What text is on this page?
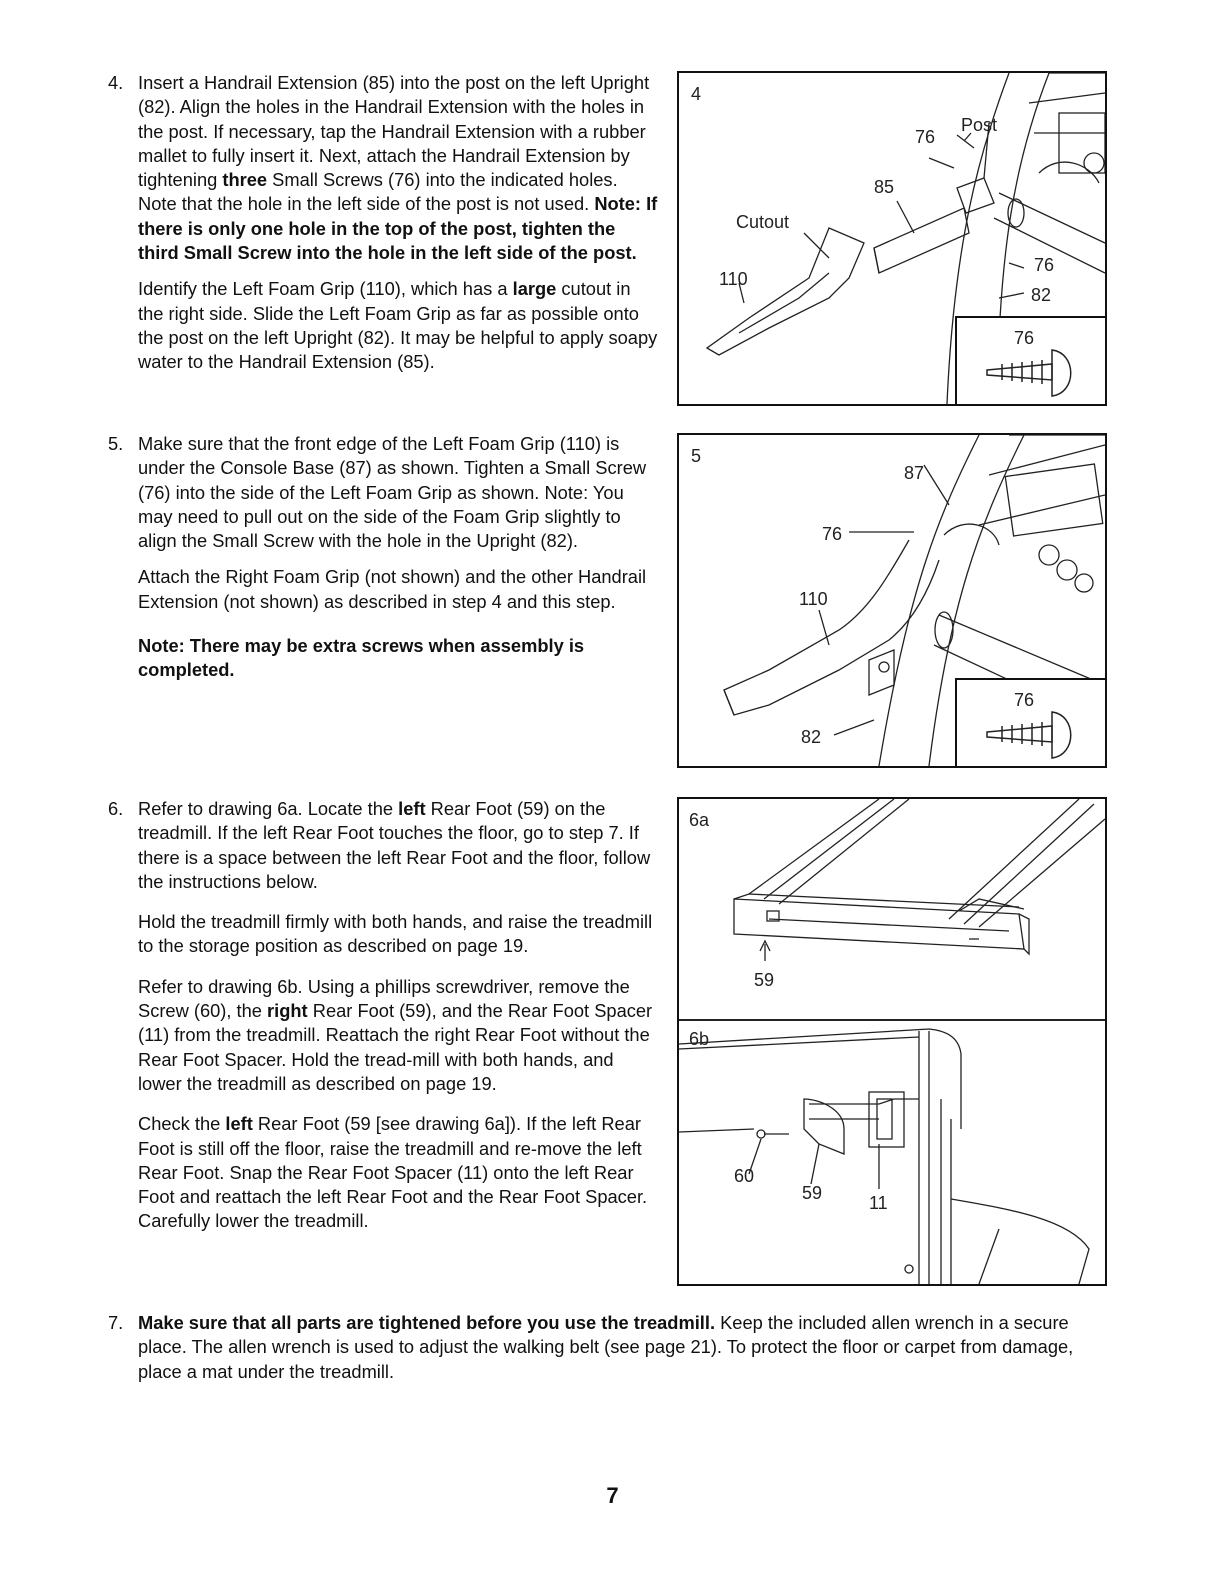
4. Insert a Handrail Extension (85) into the post on the left Upright (82). Align the holes in the Handrail Extension with the holes in the post. If necessary, tap the Handrail Extension with a rubber mallet to fully insert it. Next, attach the Handrail Extension by tightening three Small Screws (76) into the indicated holes. Note that the hole in the left side of the post is not used. Note: If there is only one hole in the top of the post, tighten the third Small Screw into the hole in the left side of the post.

Identify the Left Foam Grip (110), which has a large cutout in the right side. Slide the Left Foam Grip as far as possible onto the post on the left Upright (82). It may be helpful to apply soapy water to the Handrail Extension (85).

5. Make sure that the front edge of the Left Foam Grip (110) is under the Console Base (87) as shown. Tighten a Small Screw (76) into the side of the Left Foam Grip as shown. Note: You may need to pull out on the side of the Foam Grip slightly to align the Small Screw with the hole in the Upright (82).

Attach the Right Foam Grip (not shown) and the other Handrail Extension (not shown) as described in step 4 and this step.

Note: There may be extra screws when assembly is completed.

6. Refer to drawing 6a. Locate the left Rear Foot (59) on the treadmill. If the left Rear Foot touches the floor, go to step 7. If there is a space between the left Rear Foot and the floor, follow the instructions below.

Hold the treadmill firmly with both hands, and raise the treadmill to the storage position as described on page 19.

Refer to drawing 6b. Using a phillips screwdriver, remove the Screw (60), the right Rear Foot (59), and the Rear Foot Spacer (11) from the treadmill. Reattach the right Rear Foot without the Rear Foot Spacer. Hold the tread-mill with both hands, and lower the treadmill as described on page 19.

Check the left Rear Foot (59 [see drawing 6a]). If the left Rear Foot is still off the floor, raise the treadmill and re-move the left Rear Foot. Snap the Rear Foot Spacer (11) onto the left Rear Foot and reattach the left Rear Foot and the Rear Foot Spacer. Carefully lower the treadmill.

7. Make sure that all parts are tightened before you use the treadmill. Keep the included allen wrench in a secure place. The allen wrench is used to adjust the walking belt (see page 21). To protect the floor or carpet from damage, place a mat under the treadmill.
4
Post
76
85
Cutout
110
76
82
76
5
87
76
110
82
76
6a
59
6b
60
59	11
7
